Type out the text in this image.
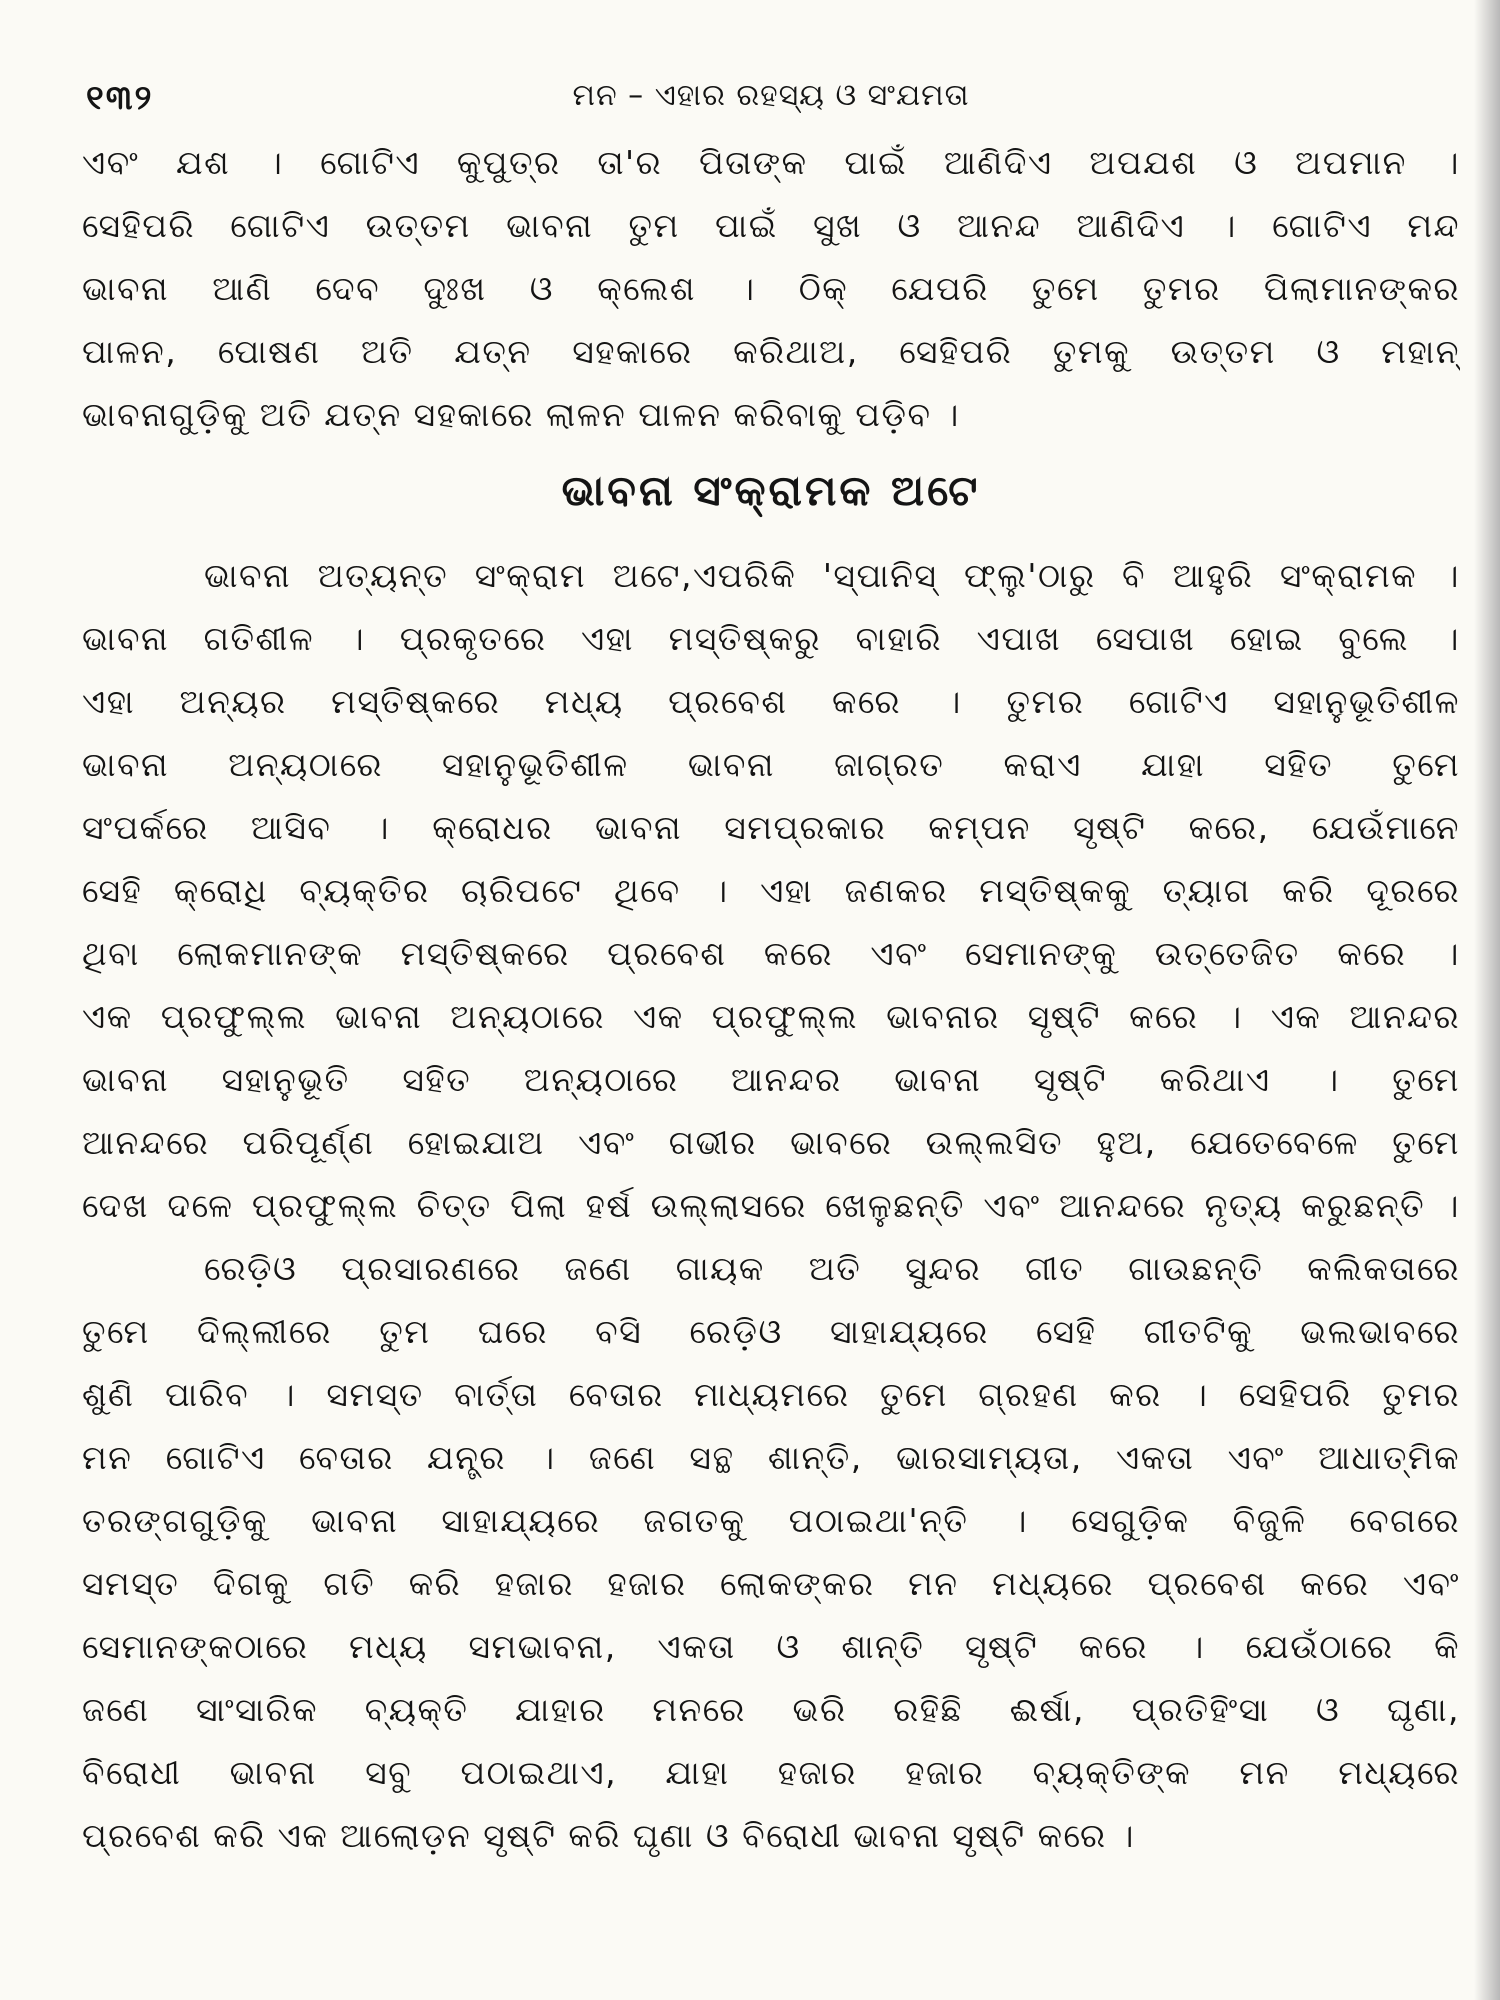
୧୩୨	ମନ – ଏହାର ରହସ୍ୟ ଓ ସଂଯମତା
ଏବଂ ଯଶ । ଗୋଟିଏ କୁପୁତ୍ର ତା'ର ପିତାଙ୍କ ପାଇଁ ଆଣିଦିଏ ଅପଯଶ ଓ ଅପମାନ ।
ସେହିପରି ଗୋଟିଏ ଉତ୍ତମ ଭାବନା ତୁମ ପାଇଁ ସୁଖ ଓ ଆନନ୍ଦ ଆଣିଦିଏ । ଗୋଟିଏ ମନ୍ଦ
ଭାବନା ଆଣି ଦେବ ଦୁଃଖ ଓ କ୍ଲେଶ । ଠିକ୍ ଯେପରି ତୁମେ ତୁମର ପିଲାମାନଙ୍କର
ପାଳନ, ପୋଷଣ ଅତି ଯତ୍ନ ସହକାରେ କରିଥାଅ, ସେହିପରି ତୁମକୁ ଉତ୍ତମ ଓ ମହାନ୍
ଭାବନାଗୁଡ଼ିକୁ ଅତି ଯତ୍ନ ସହକାରେ ଲାଳନ ପାଳନ କରିବାକୁ ପଡ଼ିବ ।
ଭାବନା ସଂକ୍ରାମକ ଅଟେ
ଭାବନା ଅତ୍ୟନ୍ତ ସଂକ୍ରାମ ଅଟେ,ଏପରିକି 'ସ୍ପାନିସ୍ ଫ୍ଲୁ'ଠାରୁ ବି ଆହୁରି ସଂକ୍ରାମକ ।
ଭାବନା ଗତିଶୀଳ । ପ୍ରକୃତରେ ଏହା ମସ୍ତିଷ୍କରୁ ବାହାରି ଏପାଖ ସେପାଖ ହୋଇ ବୁଲେ ।
ଏହା ଅନ୍ୟର ମସ୍ତିଷ୍କରେ ମଧ୍ୟ ପ୍ରବେଶ କରେ । ତୁମର ଗୋଟିଏ ସହାନୁଭୂତିଶୀଳ
ଭାବନା ଅନ୍ୟଠାରେ ସହାନୁଭୂତିଶୀଳ ଭାବନା ଜାଗ୍ରତ କରାଏ ଯାହା ସହିତ ତୁମେ
ସଂପର୍କରେ ଆସିବ । କ୍ରୋଧର ଭାବନା ସମପ୍ରକାର କମ୍ପନ ସୃଷ୍ଟି କରେ, ଯେଉଁମାନେ
ସେହି କ୍ରୋଧି ବ୍ୟକ୍ତିର ଚାରିପଟେ ଥିବେ । ଏହା ଜଣକର ମସ୍ତିଷ୍କକୁ ତ୍ୟାଗ କରି ଦୂରରେ
ଥିବା ଲୋକମାନଙ୍କ ମସ୍ତିଷ୍କରେ ପ୍ରବେଶ କରେ ଏବଂ ସେମାନଙ୍କୁ ଉତ୍ତେଜିତ କରେ ।
ଏକ ପ୍ରଫୁଲ୍ଲ ଭାବନା ଅନ୍ୟଠାରେ ଏକ ପ୍ରଫୁଲ୍ଲ ଭାବନାର ସୃଷ୍ଟି କରେ । ଏକ ଆନନ୍ଦର
ଭାବନା ସହାନୁଭୂତି ସହିତ ଅନ୍ୟଠାରେ ଆନନ୍ଦର ଭାବନା ସୃଷ୍ଟି କରିଥାଏ । ତୁମେ
ଆନନ୍ଦରେ ପରିପୂର୍ଣ୍ଣ ହୋଇଯାଅ ଏବଂ ଗଭୀର ଭାବରେ ଉଲ୍ଲସିତ ହୁଅ, ଯେତେବେଳେ ତୁମେ
ଦେଖ ଦଳେ ପ୍ରଫୁଲ୍ଲ ଚିତ୍ତ ପିଲା ହର୍ଷ ଉଲ୍ଲାସରେ ଖେଳୁଛନ୍ତି ଏବଂ ଆନନ୍ଦରେ ନୃତ୍ୟ କରୁଛନ୍ତି ।
ରେଡ଼ିଓ ପ୍ରସାରଣରେ ଜଣେ ଗାୟକ ଅତି ସୁନ୍ଦର ଗୀତ ଗାଉଛନ୍ତି କଲିକତାରେ
ତୁମେ ଦିଲ୍ଲୀରେ ତୁମ ଘରେ ବସି ରେଡ଼ିଓ ସାହାଯ୍ୟରେ ସେହି ଗୀତଟିକୁ ଭଲଭାବରେ
ଶୁଣି ପାରିବ । ସମସ୍ତ ବାର୍ତ୍ତା ବେତାର ମାଧ୍ୟମରେ ତୁମେ ଗ୍ରହଣ କର । ସେହିପରି ତୁମର
ମନ ଗୋଟିଏ ବେତାର ଯନ୍ତ୍ର । ଜଣେ ସନ୍ଥ ଶାନ୍ତି, ଭାରସାମ୍ୟତା, ଏକତା ଏବଂ ଆଧାତ୍ମିକ
ତରଙ୍ଗଗୁଡ଼ିକୁ ଭାବନା ସାହାଯ୍ୟରେ ଜଗତକୁ ପଠାଇଥା'ନ୍ତି । ସେଗୁଡ଼ିକ ବିଜୁଳି ବେଗରେ
ସମସ୍ତ ଦିଗକୁ ଗତି କରି ହଜାର ହଜାର ଲୋକଙ୍କର ମନ ମଧ୍ୟରେ ପ୍ରବେଶ କରେ ଏବଂ
ସେମାନଙ୍କଠାରେ ମଧ୍ୟ ସମଭାବନା, ଏକତା ଓ ଶାନ୍ତି ସୃଷ୍ଟି କରେ । ଯେଉଁଠାରେ କି
ଜଣେ ସାଂସାରିକ ବ୍ୟକ୍ତି ଯାହାର ମନରେ ଭରି ରହିଛି ଈର୍ଷା, ପ୍ରତିହିଂସା ଓ ଘୃଣା,
ବିରୋଧୀ ଭାବନା ସବୁ ପଠାଇଥାଏ, ଯାହା ହଜାର ହଜାର ବ୍ୟକ୍ତିଙ୍କ ମନ ମଧ୍ୟରେ
ପ୍ରବେଶ କରି ଏକ ଆଲୋଡ଼ନ ସୃଷ୍ଟି କରି ଘୃଣା ଓ ବିରୋଧୀ ଭାବନା ସୃଷ୍ଟି କରେ ।
